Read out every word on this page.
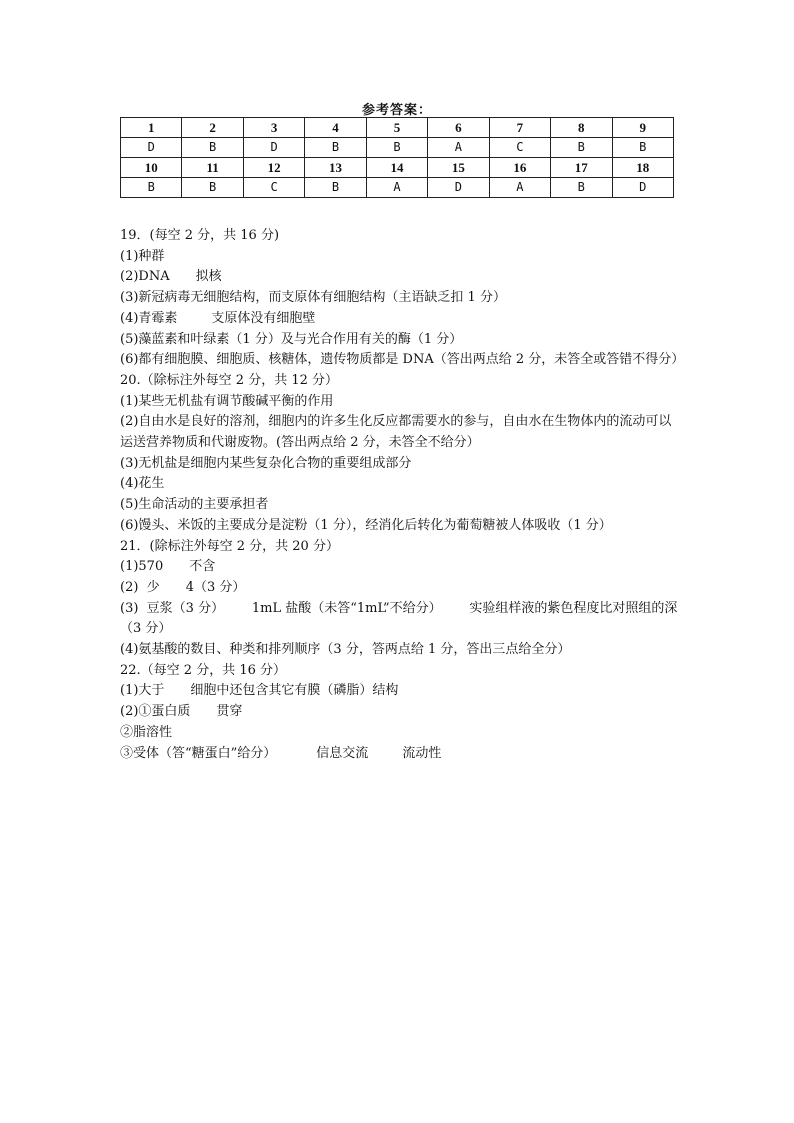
参考答案：
1	2	3	4	5	6	7	8	9
D	B	D	B	B	A	C	B	B
10	11	12	13	14	15	16	17	18
B	B	C	B	A	D	A	B	D
19．(每空 2 分，共 16 分)
(1)种群
(2)DNA 拟核
(3)新冠病毒无细胞结构，而支原体有细胞结构（主语缺乏扣 1 分）
(4)青霉素	支原体没有细胞壁
(5)藻蓝素和叶绿素（1 分）及与光合作用有关的酶（1 分）
(6)都有细胞膜、细胞质、核糖体，遗传物质都是 DNA（答出两点给 2 分，未答全或答错不得分）
20.（除标注外每空 2 分，共 12 分）
(1)某些无机盐有调节酸碱平衡的作用
(2)自由水是良好的溶剂，细胞内的许多生化反应都需要水的参与，自由水在生物体内的流动可以运送营养物质和代谢废物。(答出两点给 2 分，未答全不给分）
(3)无机盐是细胞内某些复杂化合物的重要组成部分
(4)花生
(5)生命活动的主要承担者
(6)馒头、米饭的主要成分是淀粉（1 分），经消化后转化为葡萄糖被人体吸收（1 分）
21．(除标注外每空 2 分，共 20 分）
(1)570 不含
(2)  少 4（3 分）
(3)  豆浆（3 分）　　  1mL 盐酸（未答“1mL”不给分）　　  实验组样液的紫色程度比对照组的深（3 分）
(4)氨基酸的数目、种类和排列顺序（3 分，答两点给 1 分，答出三点给全分）
22.（每空 2 分，共 16 分）
(1)大于 细胞中还包含其它有膜（磷脂）结构
(2)①蛋白质 贯穿
②脂溶性
③受体（答“糖蛋白”给分）	信息交流	流动性
